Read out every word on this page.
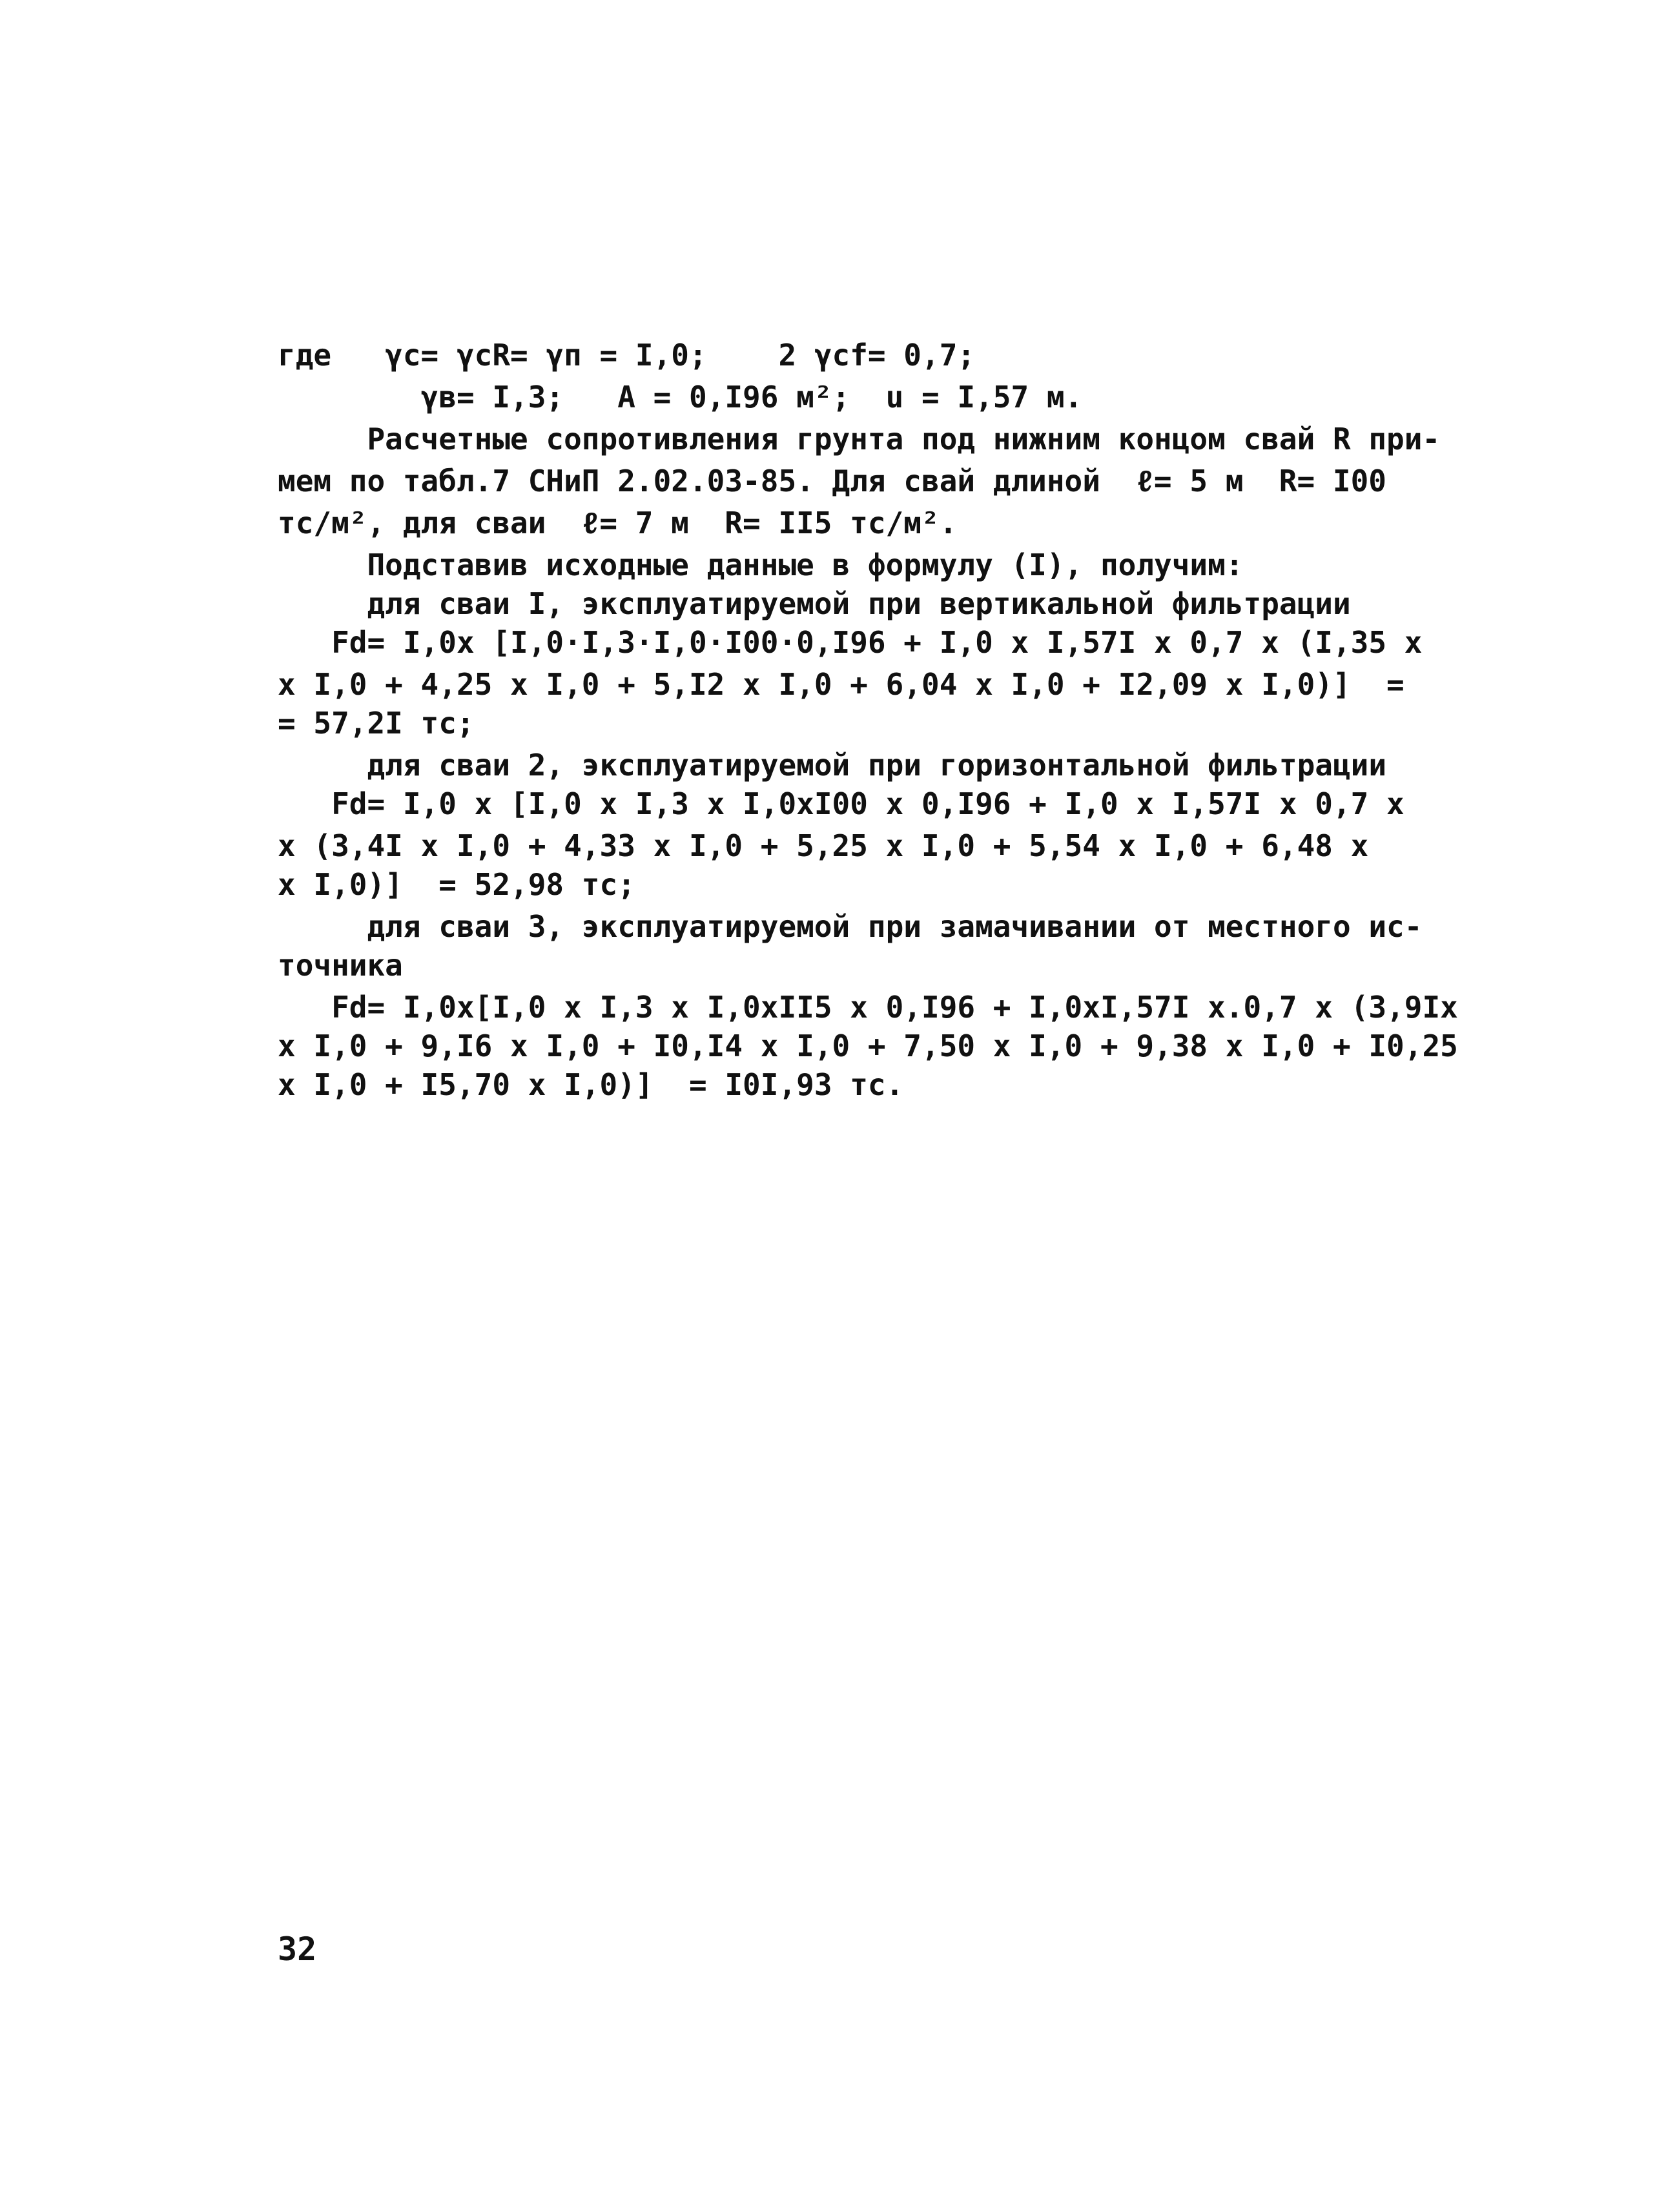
где   γс= γсR= γп = I,0;    2 γсf= 0,7;
γв= I,3;   A = 0,I96 м²;  u = I,57 м.
Расчетные сопротивления грунта под нижним концом свай R при-
мем по табл.7 СНиП 2.02.03-85. Для свай длиной  ℓ= 5 м  R= I00
тс/м², для сваи  ℓ= 7 м  R= II5 тс/м².
Подставив исходные данные в формулу (I), получим:
для сваи I, эксплуатируемой при вертикальной фильтрации
Fd= I,0x [I,0·I,3·I,0·I00·0,I96 + I,0 x I,57I x 0,7 x (I,35 x
x I,0 + 4,25 x I,0 + 5,I2 x I,0 + 6,04 x I,0 + I2,09 x I,0)]  =
= 57,2I тс;
для сваи 2, эксплуатируемой при горизонтальной фильтрации
Fd= I,0 x [I,0 x I,3 x I,0xI00 x 0,I96 + I,0 x I,57I x 0,7 x
x (3,4I x I,0 + 4,33 x I,0 + 5,25 x I,0 + 5,54 x I,0 + 6,48 x
x I,0)]  = 52,98 тс;
для сваи 3, эксплуатируемой при замачивании от местного ис-
точника
Fd= I,0x[I,0 x I,3 x I,0xII5 x 0,I96 + I,0xI,57I x.0,7 x (3,9Ix
x I,0 + 9,I6 x I,0 + I0,I4 x I,0 + 7,50 x I,0 + 9,38 x I,0 + I0,25
x I,0 + I5,70 x I,0)]  = I0I,93 тс.
32
